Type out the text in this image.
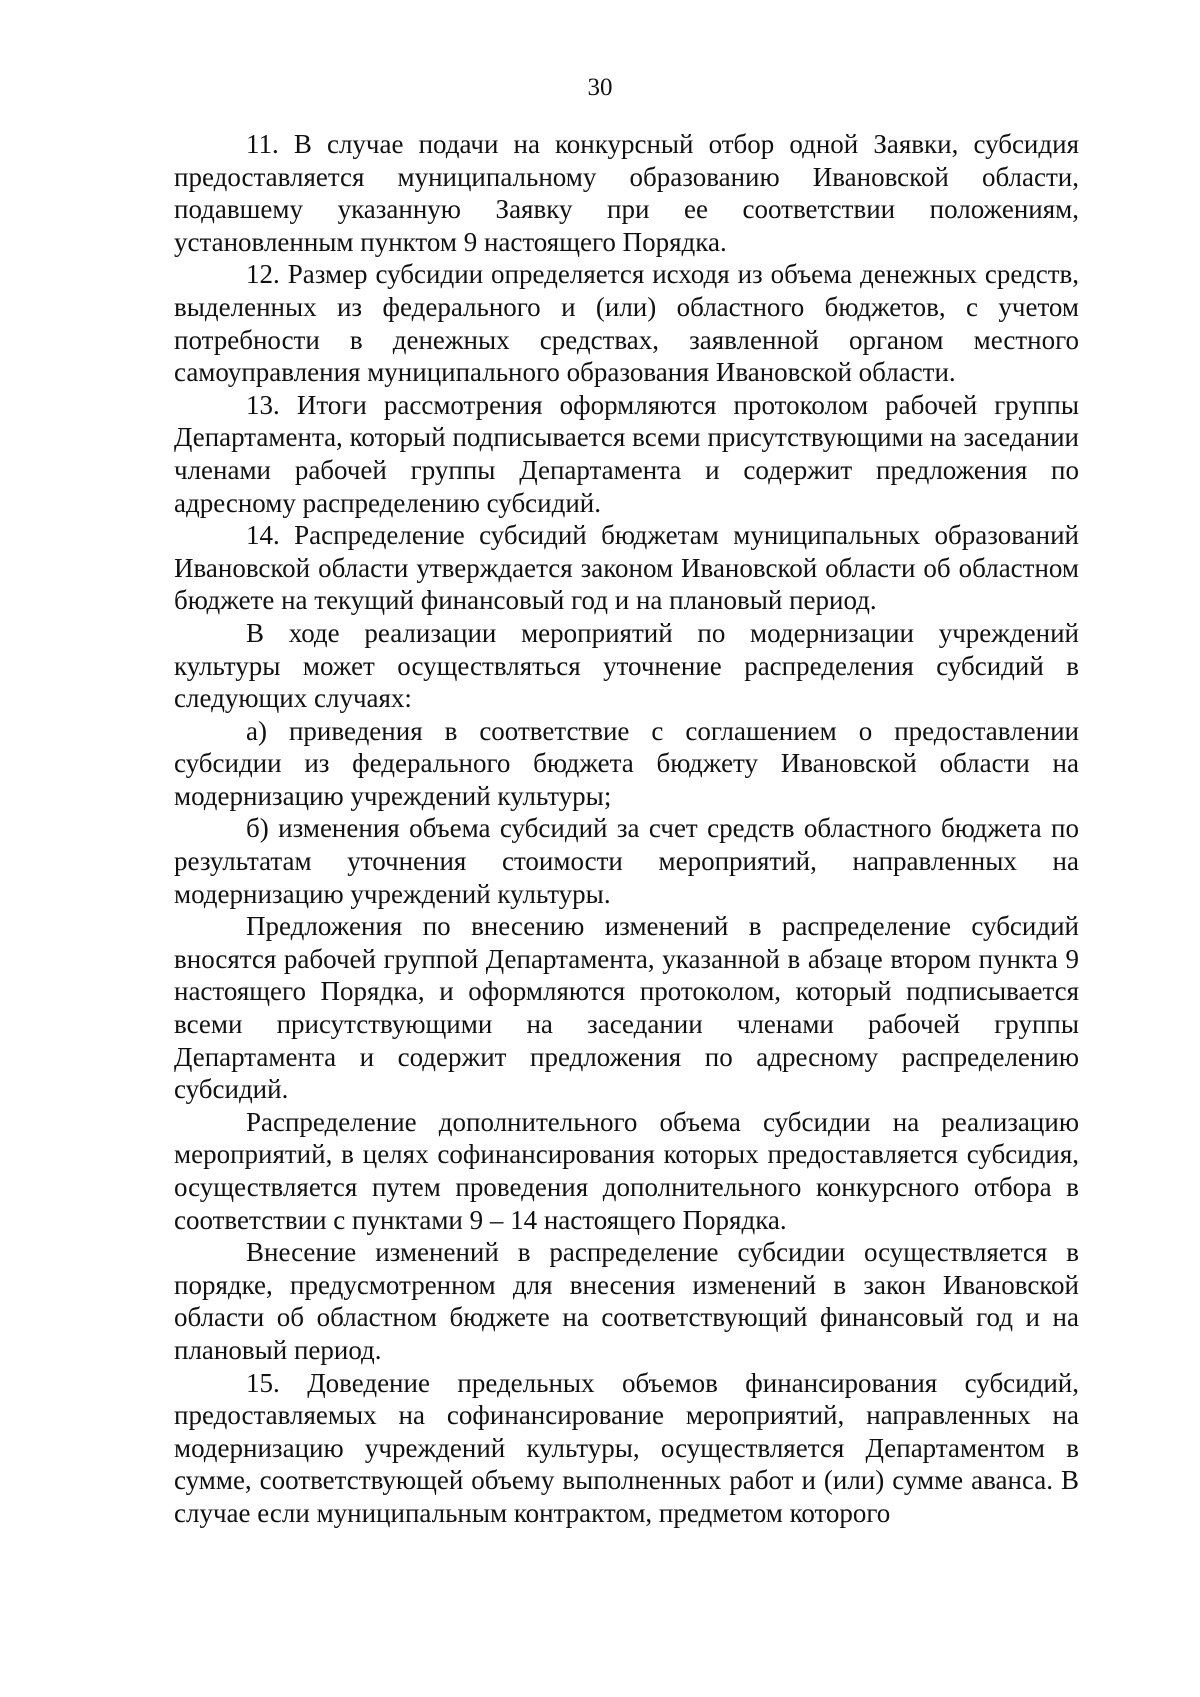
30

11. В случае подачи на конкурсный отбор одной Заявки, субсидия предоставляется муниципальному образованию Ивановской области, подавшему указанную Заявку при ее соответствии положениям, установленным пунктом 9 настоящего Порядка.

12. Размер субсидии определяется исходя из объема денежных средств, выделенных из федерального и (или) областного бюджетов, с учетом потребности в денежных средствах, заявленной органом местного самоуправления муниципального образования Ивановской области.

13. Итоги рассмотрения оформляются протоколом рабочей группы Департамента, который подписывается всеми присутствующими на заседании членами рабочей группы Департамента и содержит предложения по адресному распределению субсидий.

14. Распределение субсидий бюджетам муниципальных образований Ивановской области утверждается законом Ивановской области об областном бюджете на текущий финансовый год и на плановый период.

В ходе реализации мероприятий по модернизации учреждений культуры может осуществляться уточнение распределения субсидий в следующих случаях:

а) приведения в соответствие с соглашением о предоставлении субсидии из федерального бюджета бюджету Ивановской области на модернизацию учреждений культуры;

б) изменения объема субсидий за счет средств областного бюджета по результатам уточнения стоимости мероприятий, направленных на модернизацию учреждений культуры.

Предложения по внесению изменений в распределение субсидий вносятся рабочей группой Департамента, указанной в абзаце втором пункта 9 настоящего Порядка, и оформляются протоколом, который подписывается всеми присутствующими на заседании членами рабочей группы Департамента и содержит предложения по адресному распределению субсидий.

Распределение дополнительного объема субсидии на реализацию мероприятий, в целях софинансирования которых предоставляется субсидия, осуществляется путем проведения дополнительного конкурсного отбора в соответствии с пунктами 9 – 14 настоящего Порядка.

Внесение изменений в распределение субсидии осуществляется в порядке, предусмотренном для внесения изменений в закон Ивановской области об областном бюджете на соответствующий финансовый год и на плановый период.

15. Доведение предельных объемов финансирования субсидий, предоставляемых на софинансирование мероприятий, направленных на модернизацию учреждений культуры, осуществляется Департаментом в сумме, соответствующей объему выполненных работ и (или) сумме аванса. В случае если муниципальным контрактом, предметом которого
